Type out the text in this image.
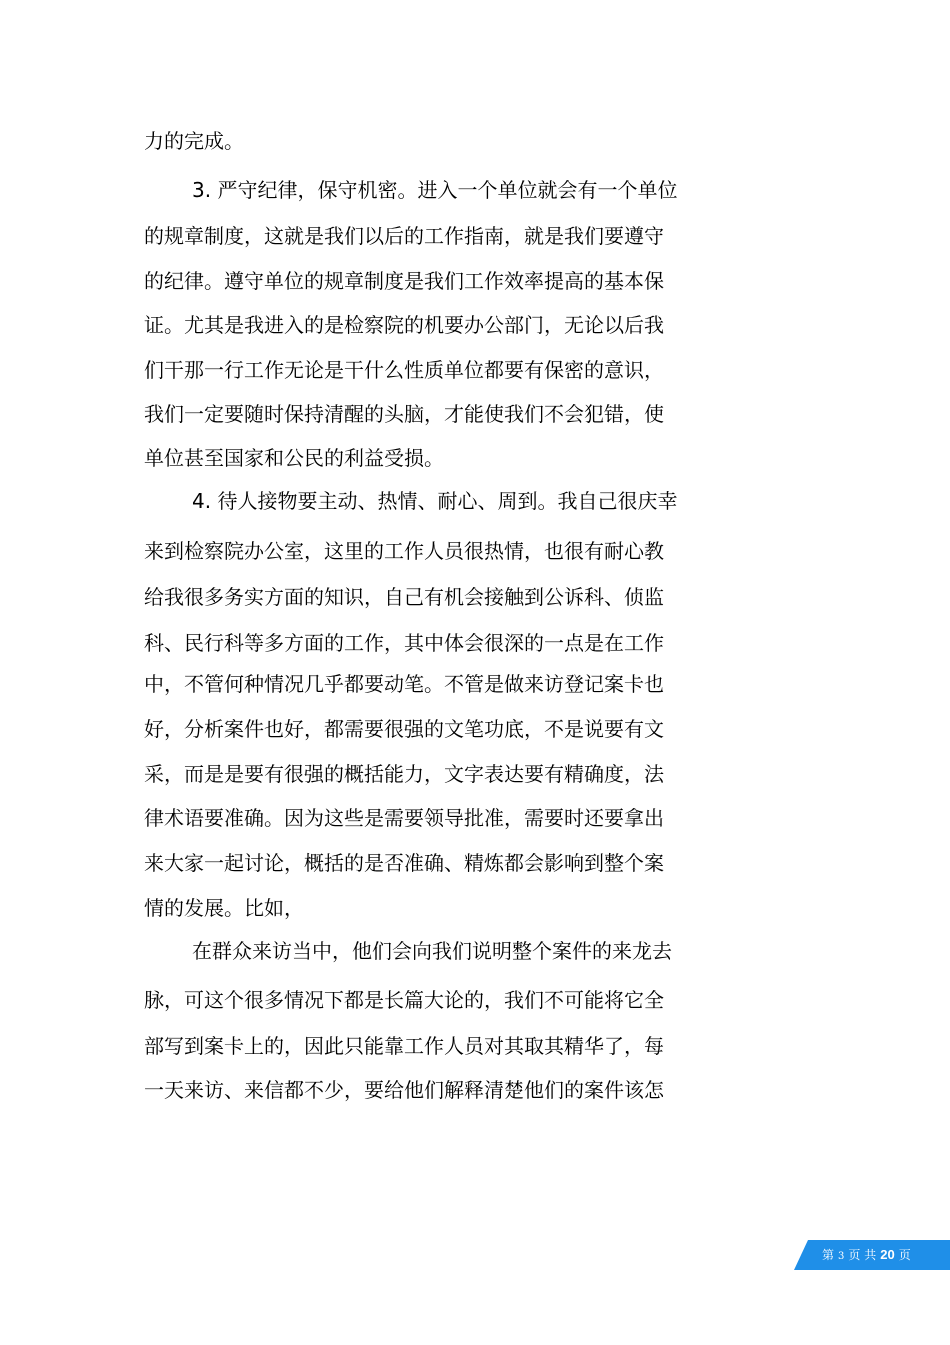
力的完成。
3. 严守纪律，保守机密。进入一个单位就会有一个单位
的规章制度，这就是我们以后的工作指南，就是我们要遵守
的纪律。遵守单位的规章制度是我们工作效率提高的基本保
证。尤其是我进入的是检察院的机要办公部门，无论以后我
们干那一行工作无论是干什么性质单位都要有保密的意识，
我们一定要随时保持清醒的头脑，才能使我们不会犯错，使
单位甚至国家和公民的利益受损。
4. 待人接物要主动、热情、耐心、周到。我自己很庆幸
来到检察院办公室，这里的工作人员很热情，也很有耐心教
给我很多务实方面的知识，自己有机会接触到公诉科、侦监
科、民行科等多方面的工作，其中体会很深的一点是在工作
中，不管何种情况几乎都要动笔。不管是做来访登记案卡也
好，分析案件也好，都需要很强的文笔功底，不是说要有文
采，而是是要有很强的概括能力，文字表达要有精确度，法
律术语要准确。因为这些是需要领导批准，需要时还要拿出
来大家一起讨论，概括的是否准确、精炼都会影响到整个案
情的发展。比如，
在群众来访当中，他们会向我们说明整个案件的来龙去
脉，可这个很多情况下都是长篇大论的，我们不可能将它全
部写到案卡上的，因此只能靠工作人员对其取其精华了，每
一天来访、来信都不少，要给他们解释清楚他们的案件该怎
第 3 页 共 20 页
